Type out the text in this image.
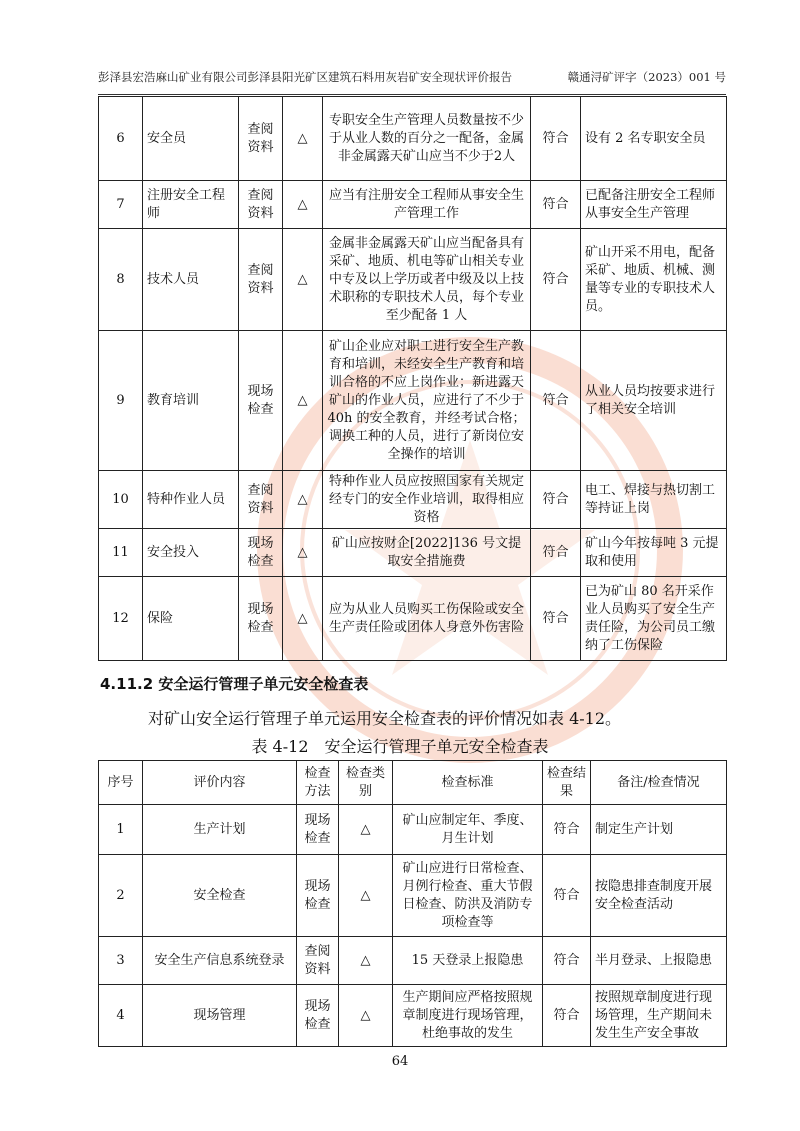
彭泽县宏浩麻山矿业有限公司彭泽县阳光矿区建筑石料用灰岩矿安全现状评价报告	赣通浔矿评字（2023）001 号
6	安全员	查阅资料	△	专职安全生产管理人员数量按不少于从业人数的百分之一配备，金属非金属露天矿山应当不少于2人	符合	设有 2 名专职安全员
7	注册安全工程师	查阅资料	△	应当有注册安全工程师从事安全生产管理工作	符合	已配备注册安全工程师从事安全生产管理
8	技术人员	查阅资料	△	金属非金属露天矿山应当配备具有采矿、地质、机电等矿山相关专业中专及以上学历或者中级及以上技术职称的专职技术人员，每个专业至少配备 1 人	符合	矿山开采不用电，配备采矿、地质、机械、测量等专业的专职技术人员。
9	教育培训	现场检查	△	矿山企业应对职工进行安全生产教育和培训，未经安全生产教育和培训合格的不应上岗作业；新进露天矿山的作业人员，应进行了不少于 40h 的安全教育，并经考试合格；调换工种的人员，进行了新岗位安全操作的培训	符合	从业人员均按要求进行了相关安全培训
10	特种作业人员	查阅资料	△	特种作业人员应按照国家有关规定经专门的安全作业培训，取得相应资格	符合	电工、焊接与热切割工等持证上岗
11	安全投入	现场检查	△	矿山应按财企[2022]136 号文提取安全措施费	符合	矿山今年按每吨 3 元提取和使用
12	保险	现场检查	△	应为从业人员购买工伤保险或安全生产责任险或团体人身意外伤害险	符合	已为矿山 80 名开采作业人员购买了安全生产责任险，为公司员工缴纳了工伤保险
4.11.2 安全运行管理子单元安全检查表
对矿山安全运行管理子单元运用安全检查表的评价情况如表 4-12。
表 4-12　安全运行管理子单元安全检查表
序号	评价内容	检查方法	检查类别	检查标准	检查结果	备注/检查情况
1	生产计划	现场检查	△	矿山应制定年、季度、月生计划	符合	制定生产计划
2	安全检查	现场检查	△	矿山应进行日常检查、月例行检查、重大节假日检查、防洪及消防专项检查等	符合	按隐患排查制度开展安全检查活动
3	安全生产信息系统登录	查阅资料	△	15 天登录上报隐患	符合	半月登录、上报隐患
4	现场管理	现场检查	△	生产期间应严格按照规章制度进行现场管理，杜绝事故的发生	符合	按照规章制度进行现场管理，生产期间未发生生产安全事故
64
